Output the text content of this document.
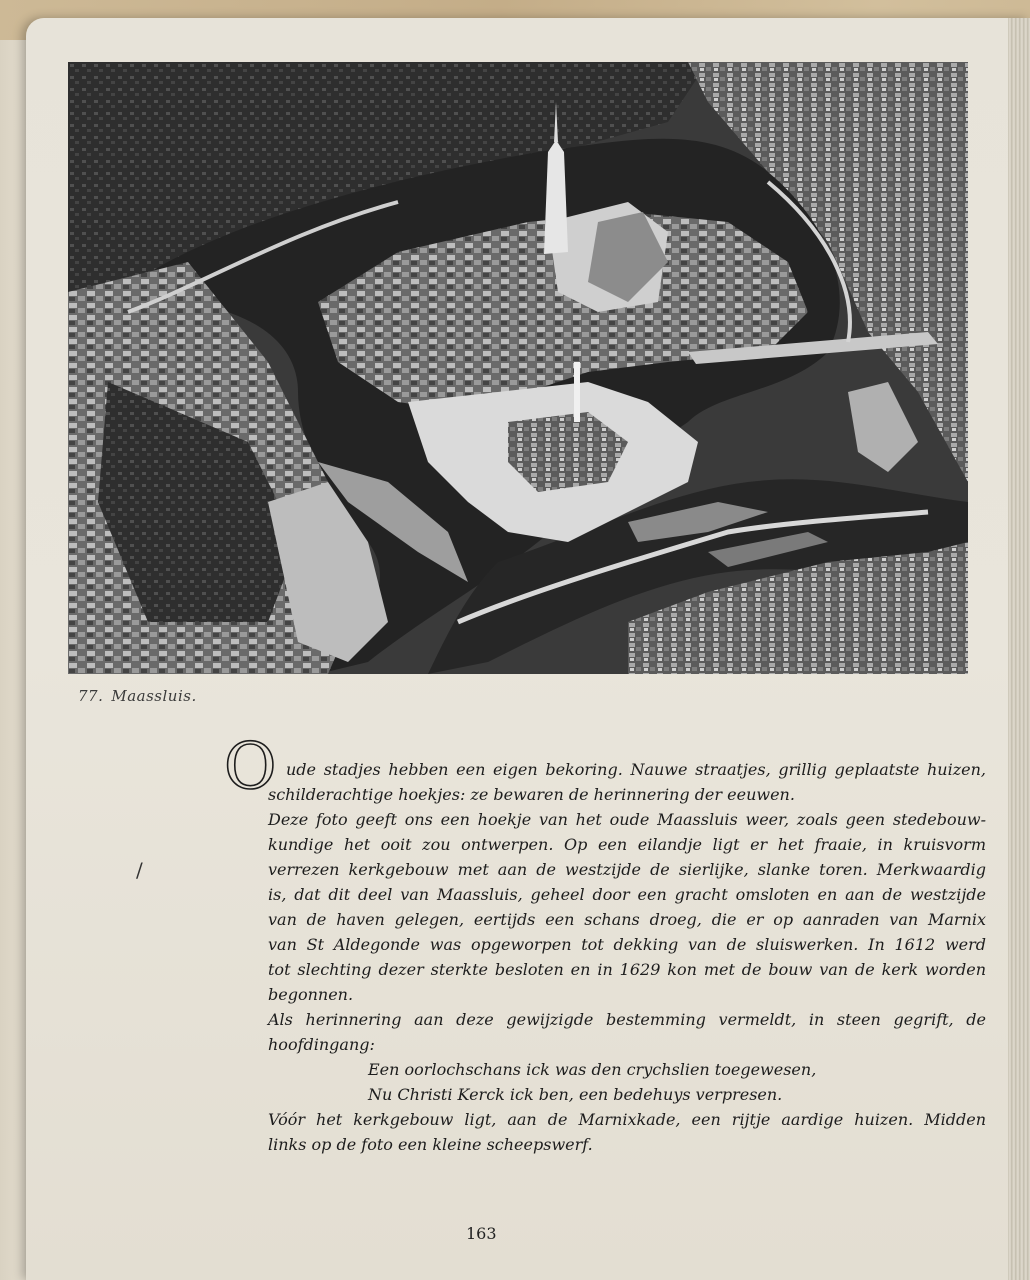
77. Maassluis.
O
/
ude stadjes hebben een eigen bekoring. Nauwe straatjes, grillig geplaatste huizen,
schilderachtige hoekjes: ze bewaren de herinnering der eeuwen.
Deze foto geeft ons een hoekje van het oude Maassluis weer, zoals geen stedebouw-
kundige het ooit zou ontwerpen. Op een eilandje ligt er het fraaie, in kruisvorm
verrezen kerkgebouw met aan de westzijde de sierlijke, slanke toren. Merkwaardig
is, dat dit deel van Maassluis, geheel door een gracht omsloten en aan de westzijde
van de haven gelegen, eertijds een schans droeg, die er op aanraden van Marnix
van St Aldegonde was opgeworpen tot dekking van de sluiswerken. In 1612 werd
tot slechting dezer sterkte besloten en in 1629 kon met de bouw van de kerk worden
begonnen.
Als herinnering aan deze gewijzigde bestemming vermeldt, in steen gegrift, de
hoofdingang:
Een oorlochschans ick was den crychslien toegewesen,
Nu Christi Kerck ick ben, een bedehuys verpresen.
Vóór het kerkgebouw ligt, aan de Marnixkade, een rijtje aardige huizen. Midden
links op de foto een kleine scheepswerf.
163
